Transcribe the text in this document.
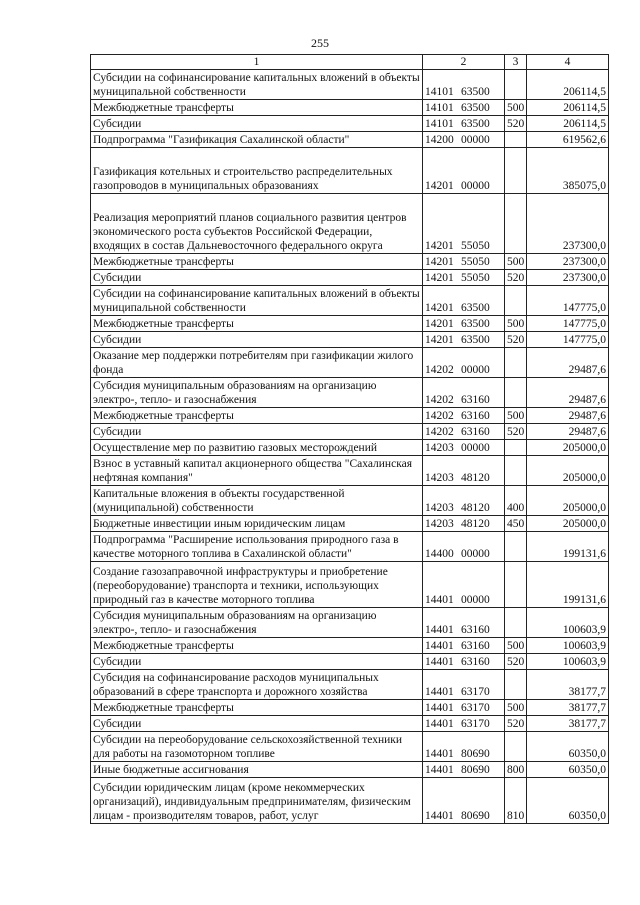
255
1	2	3	4
Субсидии на софинансирование капитальных вложений в объекты муниципальной собственности	14101 63500		206114,5
Межбюджетные трансферты	14101 63500	500	206114,5
Субсидии	14101 63500	520	206114,5
Подпрограмма "Газификация Сахалинской области"	14200 00000		619562,6
Газификация котельных и строительство распределительных газопроводов в муниципальных образованиях	14201 00000		385075,0
Реализация мероприятий планов социального развития центров экономического роста субъектов Российской Федерации, входящих в состав Дальневосточного федерального округа	14201 55050		237300,0
Межбюджетные трансферты	14201 55050	500	237300,0
Субсидии	14201 55050	520	237300,0
Субсидии на софинансирование капитальных вложений в объекты муниципальной собственности	14201 63500		147775,0
Межбюджетные трансферты	14201 63500	500	147775,0
Субсидии	14201 63500	520	147775,0
Оказание мер поддержки потребителям при газификации жилого фонда	14202 00000		29487,6
Субсидия муниципальным образованиям на организацию электро-, тепло- и газоснабжения	14202 63160		29487,6
Межбюджетные трансферты	14202 63160	500	29487,6
Субсидии	14202 63160	520	29487,6
Осуществление мер по развитию газовых месторождений	14203 00000		205000,0
Взнос в уставный капитал акционерного общества "Сахалинская нефтяная компания"	14203 48120		205000,0
Капитальные вложения в объекты государственной (муниципальной) собственности	14203 48120	400	205000,0
Бюджетные инвестиции иным юридическим лицам	14203 48120	450	205000,0
Подпрограмма "Расширение использования природного газа в качестве моторного топлива в Сахалинской области"	14400 00000		199131,6
Создание газозаправочной инфраструктуры и приобретение (переоборудование) транспорта и техники, использующих природный газ в качестве моторного топлива	14401 00000		199131,6
Субсидия муниципальным образованиям на организацию электро-, тепло- и газоснабжения	14401 63160		100603,9
Межбюджетные трансферты	14401 63160	500	100603,9
Субсидии	14401 63160	520	100603,9
Субсидия на софинансирование расходов муниципальных образований в сфере транспорта и дорожного хозяйства	14401 63170		38177,7
Межбюджетные трансферты	14401 63170	500	38177,7
Субсидии	14401 63170	520	38177,7
Субсидии на переоборудование сельскохозяйственной техники для работы на газомоторном топливе	14401 80690		60350,0
Иные бюджетные ассигнования	14401 80690	800	60350,0
Субсидии юридическим лицам (кроме некоммерческих организаций), индивидуальным предпринимателям, физическим лицам - производителям товаров, работ, услуг	14401 80690	810	60350,0
